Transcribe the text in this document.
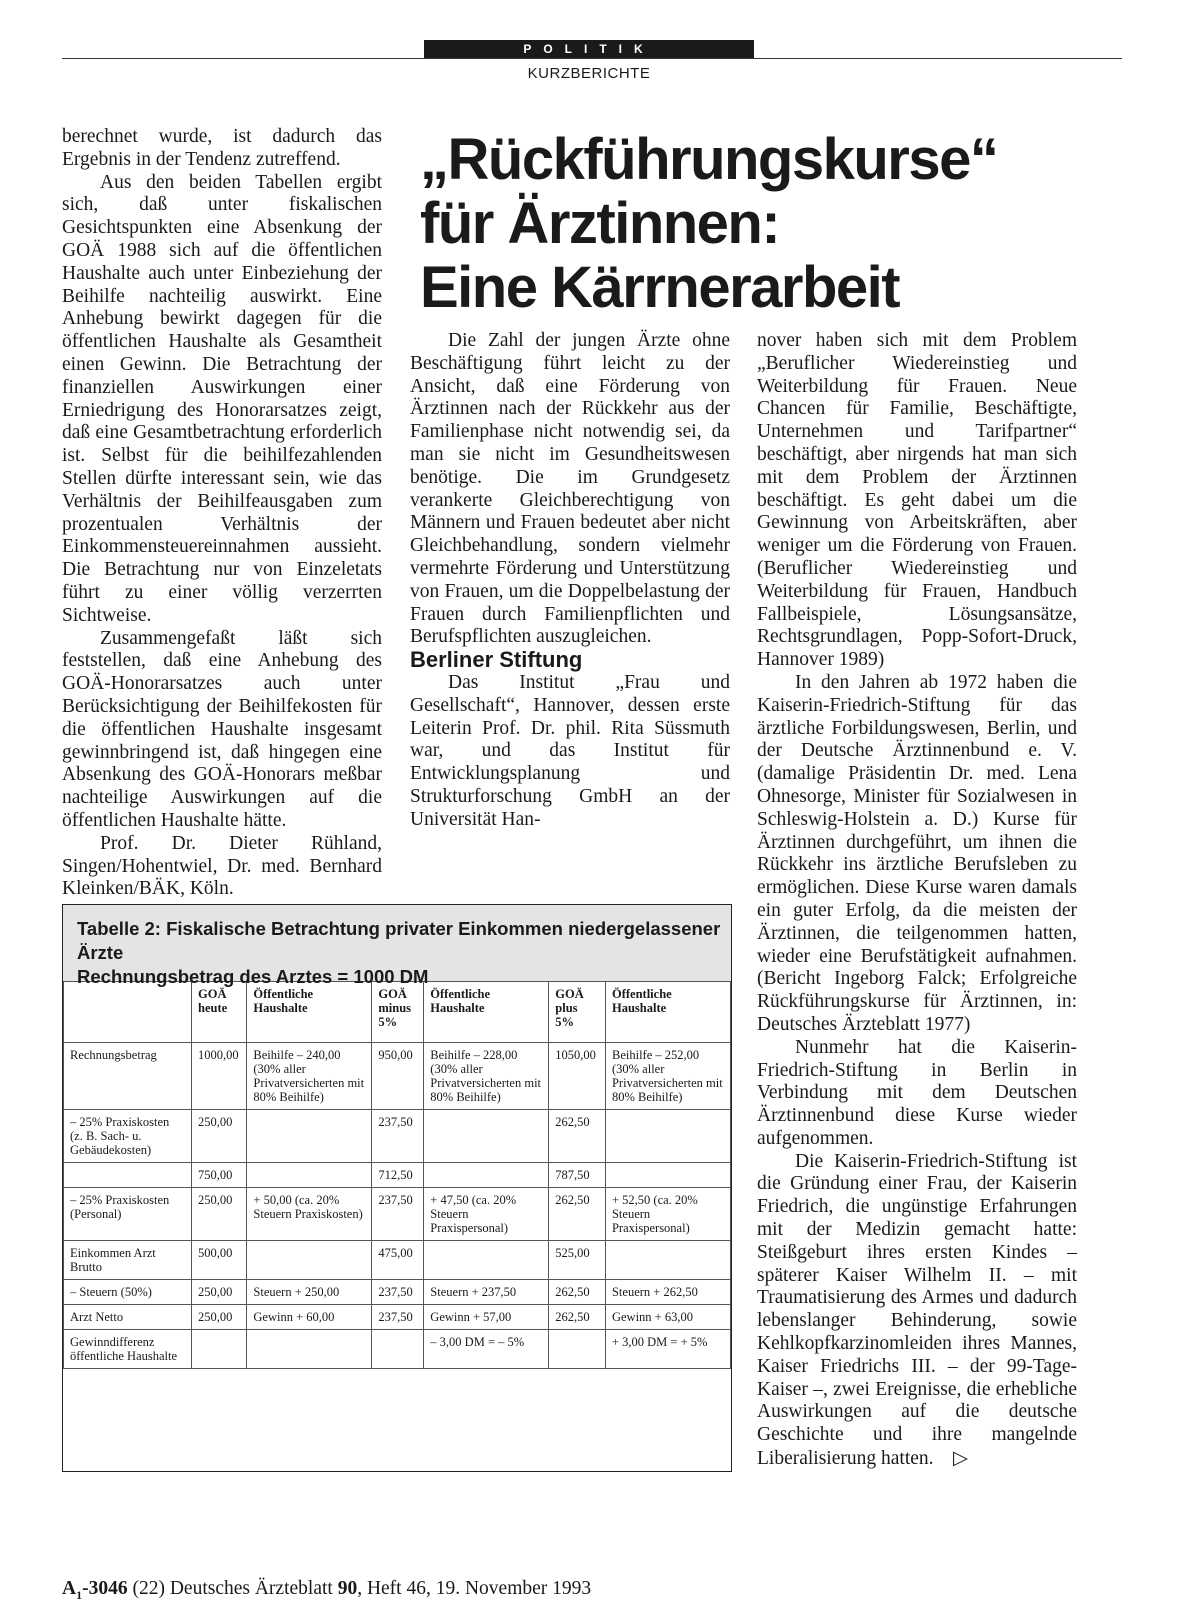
POLITIK
KURZBERICHTE

berechnet wurde, ist dadurch das Ergebnis in der Tendenz zutreffend.

Aus den beiden Tabellen ergibt sich, daß unter fiskalischen Gesichtspunkten eine Absenkung der GOÄ 1988 sich auf die öffentlichen Haushalte auch unter Einbeziehung der Beihilfe nachteilig auswirkt. Eine Anhebung bewirkt dagegen für die öffentlichen Haushalte als Gesamtheit einen Gewinn. Die Betrachtung der finanziellen Auswirkungen einer Erniedrigung des Honorarsatzes zeigt, daß eine Gesamtbetrachtung erforderlich ist. Selbst für die beihilfezahlenden Stellen dürfte interessant sein, wie das Verhältnis der Beihilfeausgaben zum prozentualen Verhältnis der Einkommensteuereinnahmen aussieht. Die Betrachtung nur von Einzeletats führt zu einer völlig verzerrten Sichtweise.

Zusammengefaßt läßt sich feststellen, daß eine Anhebung des GOÄ-Honorarsatzes auch unter Berücksichtigung der Beihilfekosten für die öffentlichen Haushalte insgesamt gewinnbringend ist, daß hingegen eine Absenkung des GOÄ-Honorars meßbar nachteilige Auswirkungen auf die öffentlichen Haushalte hätte.

Prof. Dr. Dieter Rühland, Singen/Hohentwiel, Dr. med. Bernhard Kleinken/BÄK, Köln.

„Rückführungskurse“
für Ärztinnen:
Eine Kärrnerarbeit

Die Zahl der jungen Ärzte ohne Beschäftigung führt leicht zu der Ansicht, daß eine Förderung von Ärztinnen nach der Rückkehr aus der Familienphase nicht notwendig sei, da man sie nicht im Gesundheitswesen benötige. Die im Grundgesetz verankerte Gleichberechtigung von Männern und Frauen bedeutet aber nicht Gleichbehandlung, sondern vielmehr vermehrte Förderung und Unterstützung von Frauen, um die Doppelbelastung der Frauen durch Familienpflichten und Berufspflichten auszugleichen.

Berliner Stiftung

Das Institut „Frau und Gesellschaft“, Hannover, dessen erste Leiterin Prof. Dr. phil. Rita Süssmuth war, und das Institut für Entwicklungsplanung und Strukturforschung GmbH an der Universität Han-

nover haben sich mit dem Problem „Beruflicher Wiedereinstieg und Weiterbildung für Frauen. Neue Chancen für Familie, Beschäftigte, Unternehmen und Tarifpartner“ beschäftigt, aber nirgends hat man sich mit dem Problem der Ärztinnen beschäftigt. Es geht dabei um die Gewinnung von Arbeitskräften, aber weniger um die Förderung von Frauen. (Beruflicher Wiedereinstieg und Weiterbildung für Frauen, Handbuch Fallbeispiele, Lösungsansätze, Rechtsgrundlagen, Popp-Sofort-Druck, Hannover 1989)

In den Jahren ab 1972 haben die Kaiserin-Friedrich-Stiftung für das ärztliche Forbildungswesen, Berlin, und der Deutsche Ärztinnenbund e. V. (damalige Präsidentin Dr. med. Lena Ohnesorge, Minister für Sozialwesen in Schleswig-Holstein a. D.) Kurse für Ärztinnen durchgeführt, um ihnen die Rückkehr ins ärztliche Berufsleben zu ermöglichen. Diese Kurse waren damals ein guter Erfolg, da die meisten der Ärztinnen, die teilgenommen hatten, wieder eine Berufstätigkeit aufnahmen. (Bericht Ingeborg Falck; Erfolgreiche Rückführungskurse für Ärztinnen, in: Deutsches Ärzteblatt 1977)

Nunmehr hat die Kaiserin-Friedrich-Stiftung in Berlin in Verbindung mit dem Deutschen Ärztinnenbund diese Kurse wieder aufgenommen.

Die Kaiserin-Friedrich-Stiftung ist die Gründung einer Frau, der Kaiserin Friedrich, die ungünstige Erfahrungen mit der Medizin gemacht hatte: Steißgeburt ihres ersten Kindes – späterer Kaiser Wilhelm II. – mit Traumatisierung des Armes und dadurch lebenslanger Behinderung, sowie Kehlkopfkarzinomleiden ihres Mannes, Kaiser Friedrichs III. – der 99-Tage-Kaiser –, zwei Ereignisse, die erhebliche Auswirkungen auf die deutsche Geschichte und ihre mangelnde Liberalisierung hatten. ▷

Tabelle 2: Fiskalische Betrachtung privater Einkommen niedergelassener Ärzte
Rechnungsbetrag des Arztes = 1000 DM
	GOÄ heute	Öffentliche Haushalte	GOÄ minus 5%	Öffentliche Haushalte	GOÄ plus 5%	Öffentliche Haushalte
Rechnungsbetrag	1000,00	Beihilfe – 240,00 (30% aller Privatversicherten mit 80% Beihilfe)	950,00	Beihilfe – 228,00 (30% aller Privatversicherten mit 80% Beihilfe)	1050,00	Beihilfe – 252,00 (30% aller Privatversicherten mit 80% Beihilfe)
– 25% Praxiskosten (z. B. Sach- u. Gebäudekosten)	250,00		237,50		262,50	
	750,00		712,50		787,50	
– 25% Praxiskosten (Personal)	250,00	+ 50,00 (ca. 20% Steuern Praxiskosten)	237,50	+ 47,50 (ca. 20% Steuern Praxispersonal)	262,50	+ 52,50 (ca. 20% Steuern Praxispersonal)
Einkommen Arzt Brutto	500,00		475,00		525,00	
– Steuern (50%)	250,00	Steuern + 250,00	237,50	Steuern + 237,50	262,50	Steuern + 262,50
Arzt Netto	250,00	Gewinn + 60,00	237,50	Gewinn + 57,00	262,50	Gewinn + 63,00
Gewinndifferenz öffentliche Haushalte				– 3,00 DM = – 5%		+ 3,00 DM = + 5%
$A_1-3046$ (22) Deutsches Ärzteblatt 90, Heft 46, 19. November 1993
